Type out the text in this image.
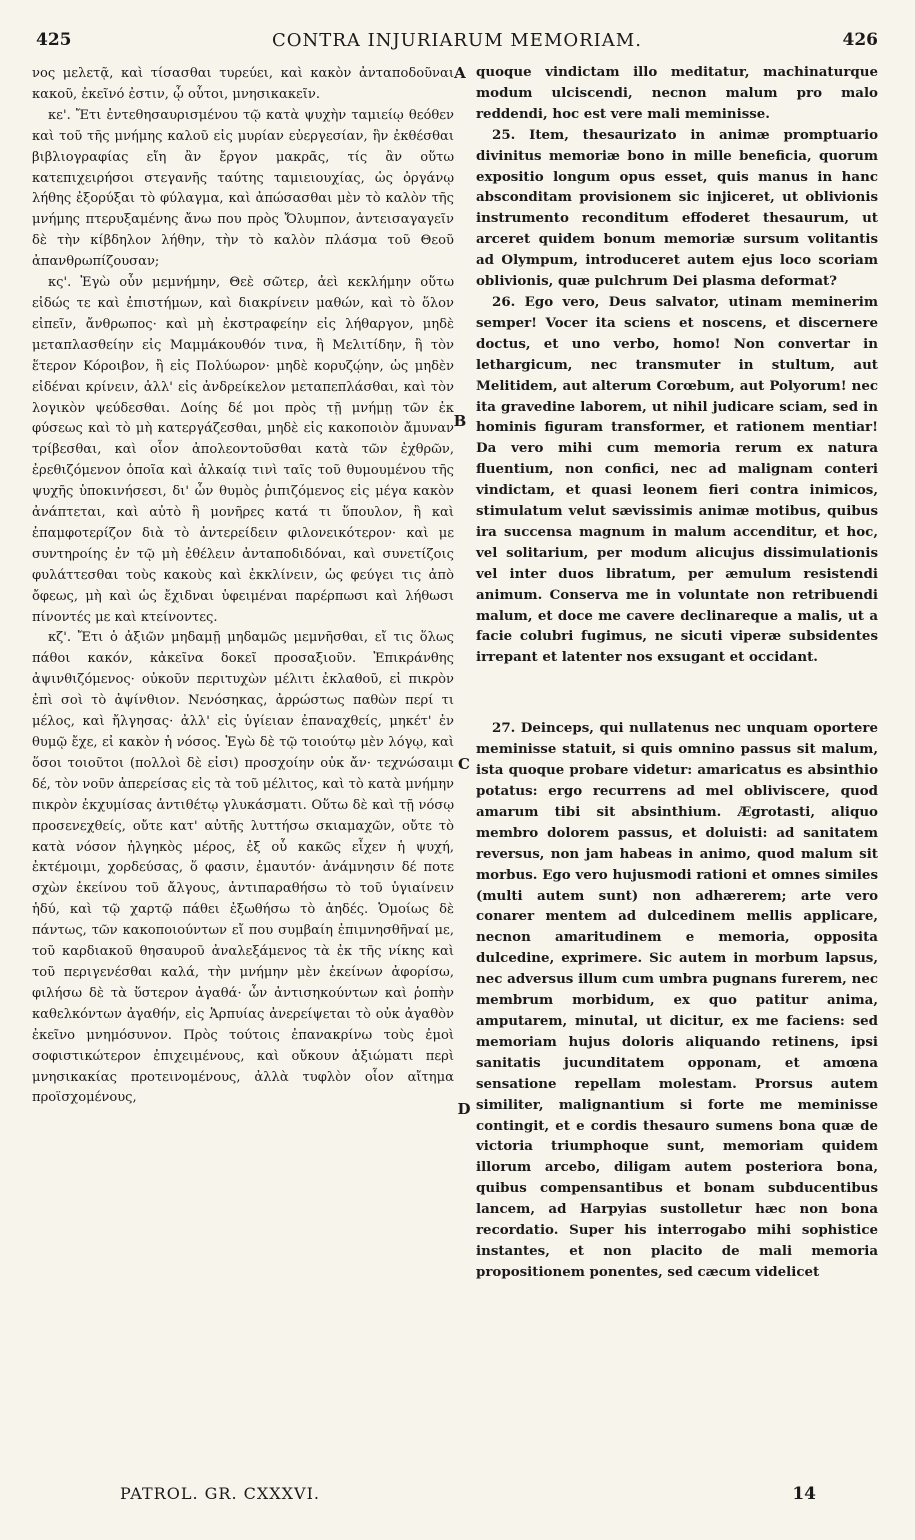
425	CONTRA INJURIARUM MEMORIAM.	426

νος μελετᾷ, καὶ τίσασθαι τυρεύει, καὶ κακὸν ἀνταποδοῦναι κακοῦ, ἐκεῖνό ἐστιν, ᾧ οὗτοι, μνησικακεῖν.

κε'. Ἔτι ἐντεθησαυρισμένου τῷ κατὰ ψυχὴν ταμιείῳ θεόθεν καὶ τοῦ τῆς μνήμης καλοῦ εἰς μυρίαν εὐεργεσίαν, ἣν ἐκθέσθαι βιβλιογραφίας εἴη ἂν ἔργον μακρᾶς, τίς ἂν οὕτω κατεπιχειρήσοι στεγανῆς ταύτης ταμιειουχίας, ὡς ὀργάνῳ λήθης ἐξορύξαι τὸ φύλαγμα, καὶ ἀπώσασθαι μὲν τὸ καλὸν τῆς μνήμης πτερυξαμένης ἄνω που πρὸς Ὄλυμπον, ἀντεισαγαγεῖν δὲ τὴν κίβδηλον λήθην, τὴν τὸ καλὸν πλάσμα τοῦ Θεοῦ ἀπανθρωπίζουσαν;

κς'. Ἐγὼ οὖν μεμνήμην, Θεὲ σῶτερ, ἀεὶ κεκλήμην οὕτω εἰδώς τε καὶ ἐπιστήμων, καὶ διακρίνειν μαθών, καὶ τὸ ὅλον εἰπεῖν, ἄνθρωπος· καὶ μὴ ἐκστραφείην εἰς λήθαργον, μηδὲ μεταπλασθείην εἰς Μαμμάκουθόν τινα, ἢ Μελιτίδην, ἢ τὸν ἕτερον Κόροιβον, ἢ εἰς Πολύωρον· μηδὲ κορυζῴην, ὡς μηδὲν εἰδέναι κρίνειν, ἀλλ' εἰς ἀνδρείκελον μεταπεπλάσθαι, καὶ τὸν λογικὸν ψεύδεσθαι. Δοίης δέ μοι πρὸς τῇ μνήμῃ τῶν ἐκ φύσεως καὶ τὸ μὴ κατεργάζεσθαι, μηδὲ εἰς κακοποιὸν ἄμυναν τρίβεσθαι, καὶ οἷον ἀπολεοντοῦσθαι κατὰ τῶν ἐχθρῶν, ἐρεθιζόμενον ὁποῖα καὶ ἀλκαίᾳ τινὶ ταῖς τοῦ θυμουμένου τῆς ψυχῆς ὑποκινήσεσι, δι' ὧν θυμὸς ῥιπιζόμενος εἰς μέγα κακὸν ἀνάπτεται, καὶ αὐτὸ ἢ μονῆρες κατά τι ὕπουλον, ἢ καὶ ἐπαμφοτερίζον διὰ τὸ ἀντερείδειν φιλονεικότερον· καὶ με συντηροίης ἐν τῷ μὴ ἐθέλειν ἀνταποδιδόναι, καὶ συνετίζοις φυλάττεσθαι τοὺς κακοὺς καὶ ἐκκλίνειν, ὡς φεύγει τις ἀπὸ ὄφεως, μὴ καὶ ὡς ἔχιδναι ὑφειμέναι παρέρπωσι καὶ λήθωσι πίνοντές με καὶ κτείνοντες.

κζ'. Ἔτι ὁ ἀξιῶν μηδαμῇ μηδαμῶς μεμνῆσθαι, εἴ τις ὅλως πάθοι κακόν, κἀκεῖνα δοκεῖ προσαξιοῦν. Ἐπικράνθης ἀψινθιζόμενος· οὐκοῦν περιτυχὼν μέλιτι ἐκλαθοῦ, εἰ πικρὸν ἐπὶ σοὶ τὸ ἀψίνθιον. Νενόσηκας, ἀρρώστως παθὼν περί τι μέλος, καὶ ἤλγησας· ἀλλ' εἰς ὑγίειαν ἐπαναχθείς, μηκέτ' ἐν θυμῷ ἔχε, εἰ κακὸν ἡ νόσος. Ἐγὼ δὲ τῷ τοιούτῳ μὲν λόγῳ, καὶ ὅσοι τοιοῦτοι (πολλοὶ δὲ εἰσι) προσχοίην οὐκ ἄν· τεχνώσαιμι δέ, τὸν νοῦν ἀπερείσας εἰς τὰ τοῦ μέλιτος, καὶ τὸ κατὰ μνήμην πικρὸν ἐκχυμίσας ἀντιθέτῳ γλυκάσματι. Οὕτω δὲ καὶ τῇ νόσῳ προσενεχθείς, οὔτε κατ' αὐτῆς λυττήσω σκιαμαχῶν, οὔτε τὸ κατὰ νόσον ἠλγηκὸς μέρος, ἐξ οὗ κακῶς εἶχεν ἡ ψυχή, ἐκτέμοιμι, χορδεύσας, ὅ φασιν, ἐμαυτόν· ἀνάμνησιν δέ ποτε σχὼν ἐκείνου τοῦ ἄλγους, ἀντιπαραθήσω τὸ τοῦ ὑγιαίνειν ἡδύ, καὶ τῷ χαρτῷ πάθει ἐξωθήσω τὸ ἀηδές. Ὁμοίως δὲ πάντως, τῶν κακοποιούντων εἴ που συμβαίη ἐπιμνησθῆναί με, τοῦ καρδιακοῦ θησαυροῦ ἀναλεξάμενος τὰ ἐκ τῆς νίκης καὶ τοῦ περιγενέσθαι καλά, τὴν μνήμην μὲν ἐκείνων ἀφορίσω, φιλήσω δὲ τὰ ὕστερον ἀγαθά· ὧν ἀντισηκούντων καὶ ῥοπὴν καθελκόντων ἀγαθήν, εἰς Ἁρπυίας ἀνερείψεται τὸ οὐκ ἀγαθὸν ἐκεῖνο μνημόσυνον. Πρὸς τούτοις ἐπανακρίνω τοὺς ἐμοὶ σοφιστικώτερον ἐπιχειμένους, καὶ οὔκουν ἀξιώματι περὶ μνησικακίας προτεινομένους, ἀλλὰ τυφλὸν οἷον αἴτημα προϊσχομένους,

A
B
C
D

quoque vindictam illo meditatur, machinaturque modum ulciscendi, necnon malum pro malo reddendi, hoc est vere mali meminisse.

25. Item, thesaurizato in animæ promptuario divinitus memoriæ bono in mille beneficia, quorum expositio longum opus esset, quis manus in hanc absconditam provisionem sic injiceret, ut oblivionis instrumento reconditum effoderet thesaurum, ut arceret quidem bonum memoriæ sursum volitantis ad Olympum, introduceret autem ejus loco scoriam oblivionis, quæ pulchrum Dei plasma deformat?

26. Ego vero, Deus salvator, utinam meminerim semper! Vocer ita sciens et noscens, et discernere doctus, et uno verbo, homo! Non convertar in lethargicum, nec transmuter in stultum, aut Melitidem, aut alterum Corœbum, aut Polyorum! nec ita gravedine laborem, ut nihil judicare sciam, sed in hominis figuram transformer, et rationem mentiar! Da vero mihi cum memoria rerum ex natura fluentium, non confici, nec ad malignam conteri vindictam, et quasi leonem fieri contra inimicos, stimulatum velut sævissimis animæ motibus, quibus ira succensa magnum in malum accenditur, et hoc, vel solitarium, per modum alicujus dissimulationis vel inter duos libratum, per æmulum resistendi animum. Conserva me in voluntate non retribuendi malum, et doce me cavere declinareque a malis, ut a facie colubri fugimus, ne sicuti viperæ subsidentes irrepant et latenter nos exsugant et occidant.

27. Deinceps, qui nullatenus nec unquam oportere meminisse statuit, si quis omnino passus sit malum, ista quoque probare videtur: amaricatus es absinthio potatus: ergo recurrens ad mel obliviscere, quod amarum tibi sit absinthium. Ægrotasti, aliquo membro dolorem passus, et doluisti: ad sanitatem reversus, non jam habeas in animo, quod malum sit morbus. Ego vero hujusmodi rationi et omnes similes (multi autem sunt) non adhærerem; arte vero conarer mentem ad dulcedinem mellis applicare, necnon amaritudinem e memoria, opposita dulcedine, exprimere. Sic autem in morbum lapsus, nec adversus illum cum umbra pugnans furerem, nec membrum morbidum, ex quo patitur anima, amputarem, minutal, ut dicitur, ex me faciens: sed memoriam hujus doloris aliquando retinens, ipsi sanitatis jucunditatem opponam, et amœna sensatione repellam molestam. Prorsus autem similiter, malignantium si forte me meminisse contingit, et e cordis thesauro sumens bona quæ de victoria triumphoque sunt, memoriam quidem illorum arcebo, diligam autem posteriora bona, quibus compensantibus et bonam subducentibus lancem, ad Harpyias sustolletur hæc non bona recordatio. Super his interrogabo mihi sophistice instantes, et non placito de mali memoria propositionem ponentes, sed cæcum videlicet

PATROL. GR. CXXXVI.	14
